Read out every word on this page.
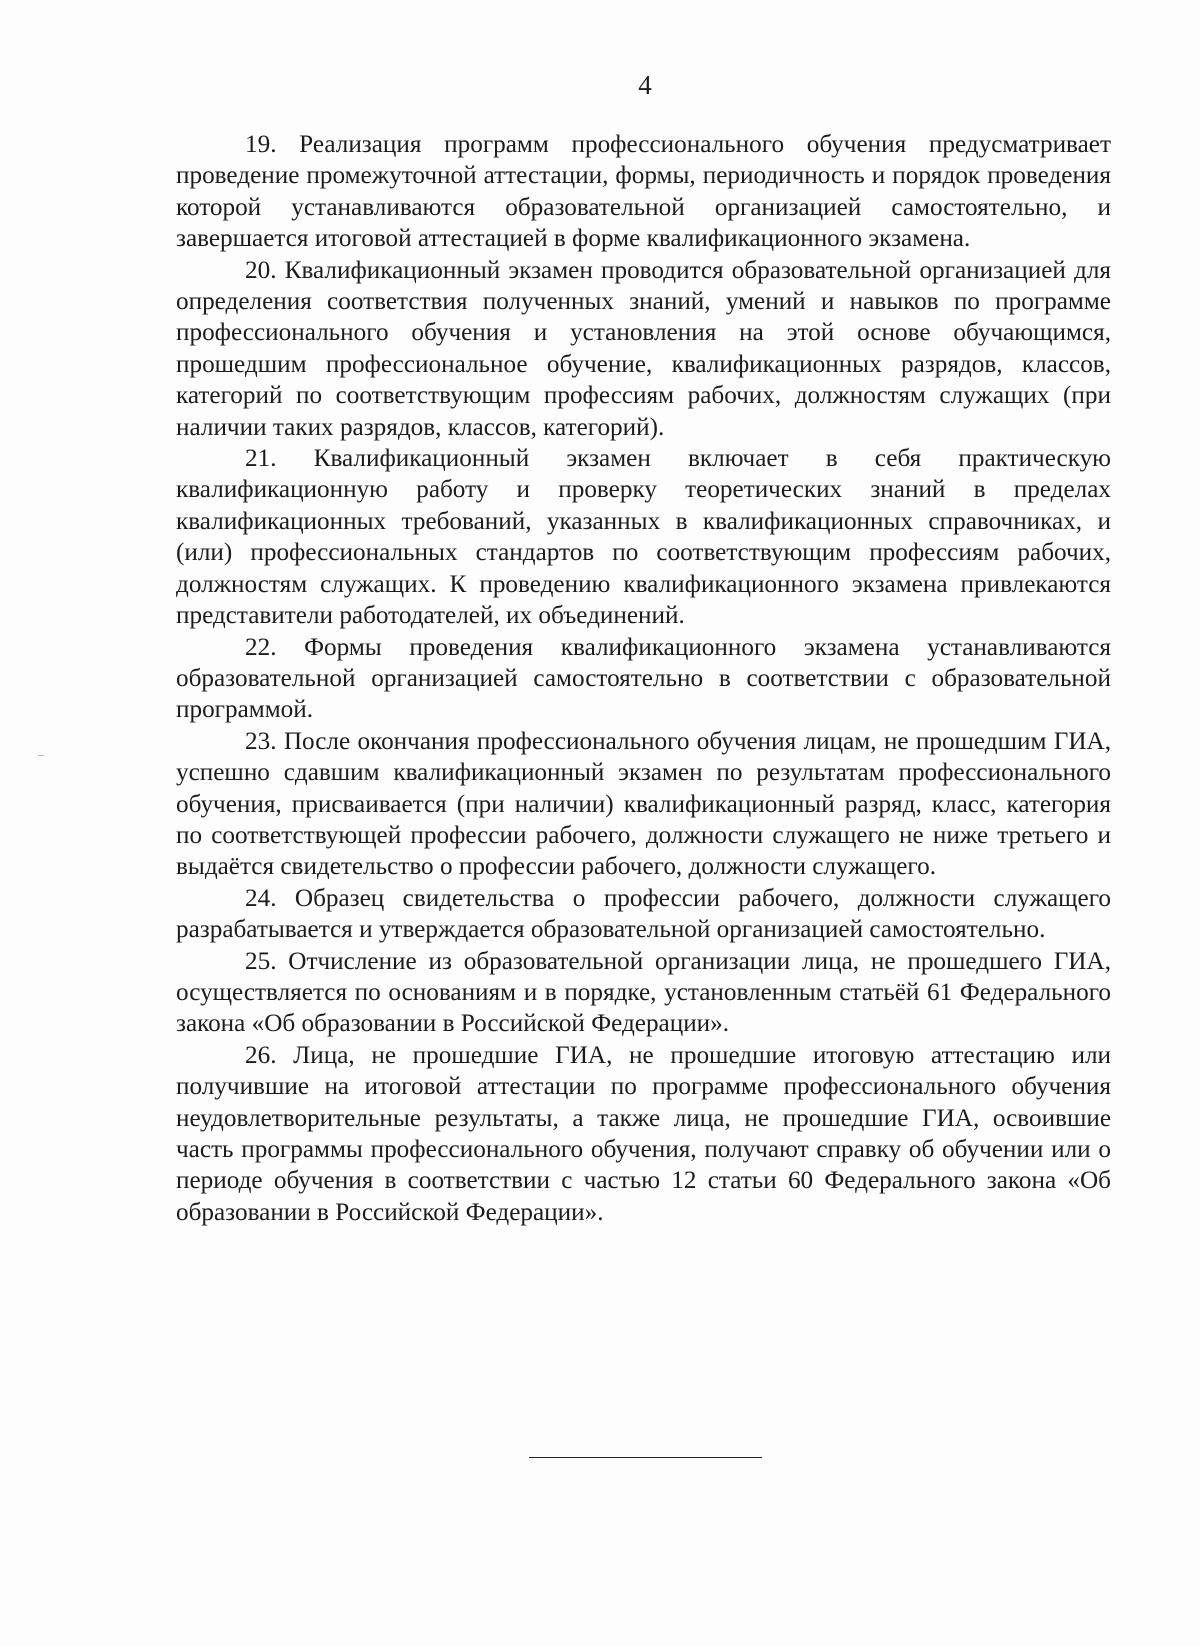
4

19. Реализация программ профессионального обучения предусматривает проведение промежуточной аттестации, формы, периодичность и порядок проведения которой устанавливаются образовательной организацией самостоятельно, и завершается итоговой аттестацией в форме квалификационного экзамена.

20. Квалификационный экзамен проводится образовательной организацией для определения соответствия полученных знаний, умений и навыков по программе профессионального обучения и установления на этой основе обучающимся, прошедшим профессиональное обучение, квалификационных разрядов, классов, категорий по соответствующим профессиям рабочих, должностям служащих (при наличии таких разрядов, классов, категорий).

21. Квалификационный экзамен включает в себя практическую квалификационную работу и проверку теоретических знаний в пределах квалификационных требований, указанных в квалификационных справочниках, и (или) профессиональных стандартов по соответствующим профессиям рабочих, должностям служащих. К проведению квалификационного экзамена привлекаются представители работодателей, их объединений.

22. Формы проведения квалификационного экзамена устанавливаются образовательной организацией самостоятельно в соответствии с образовательной программой.

23. После окончания профессионального обучения лицам, не прошедшим ГИА, успешно сдавшим квалификационный экзамен по результатам профессионального обучения, присваивается (при наличии) квалификационный разряд, класс, категория по соответствующей профессии рабочего, должности служащего не ниже третьего и выдаётся свидетельство о профессии рабочего, должности служащего.

24. Образец свидетельства о профессии рабочего, должности служащего разрабатывается и утверждается образовательной организацией самостоятельно.

25. Отчисление из образовательной организации лица, не прошедшего ГИА, осуществляется по основаниям и в порядке, установленным статьёй 61 Федерального закона «Об образовании в Российской Федерации».

26. Лица, не прошедшие ГИА, не прошедшие итоговую аттестацию или получившие на итоговой аттестации по программе профессионального обучения неудовлетворительные результаты, а также лица, не прошедшие ГИА, освоившие часть программы профессионального обучения, получают справку об обучении или о периоде обучения в соответствии с частью 12 статьи 60 Федерального закона «Об образовании в Российской Федерации».
